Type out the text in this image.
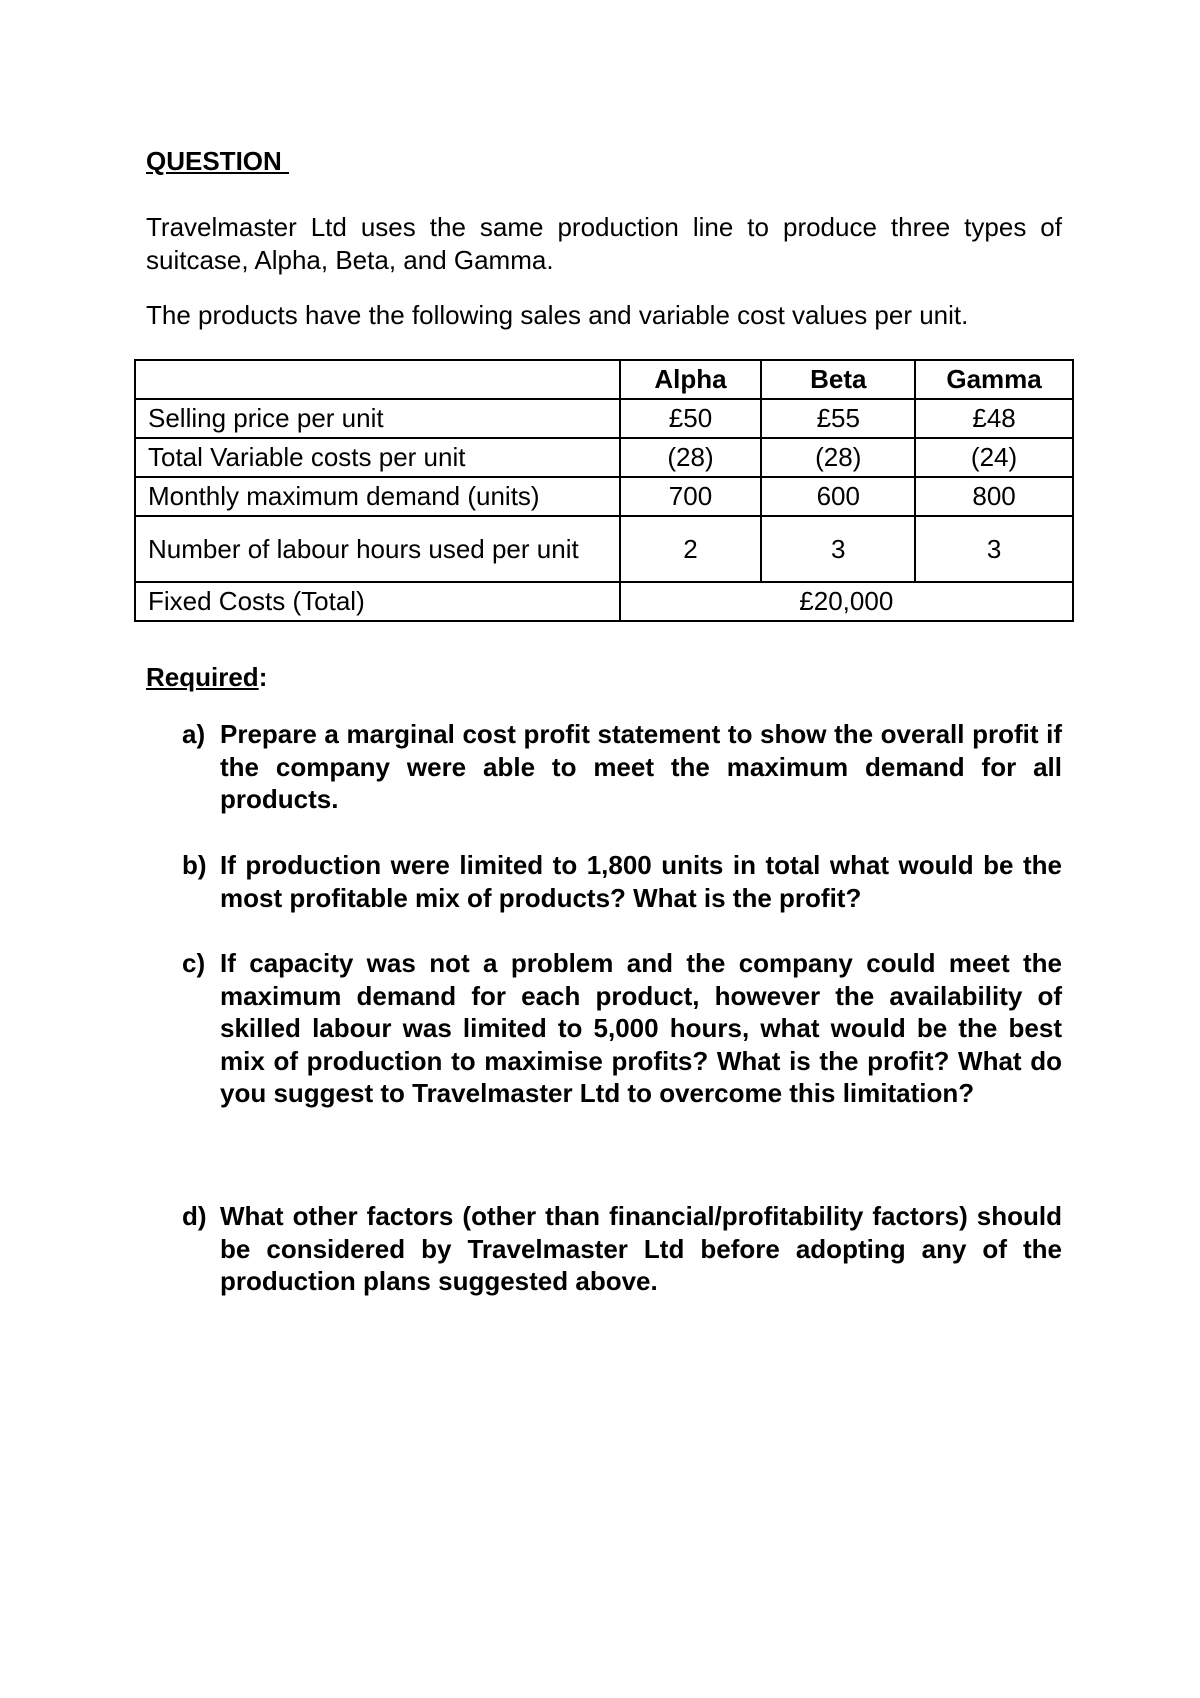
QUESTION

Travelmaster Ltd uses the same production line to produce three types of suitcase, Alpha, Beta, and Gamma.

The products have the following sales and variable cost values per unit.

	Alpha	Beta	Gamma
Selling price per unit	£50	£55	£48
Total Variable costs per unit	(28)	(28)	(24)
Monthly maximum demand (units)	700	600	800
Number of labour hours used per unit	2	3	3
Fixed Costs (Total)	£20,000		
Required:
a) Prepare a marginal cost profit statement to show the overall profit if the company were able to meet the maximum demand for all products.
b) If production were limited to 1,800 units in total what would be the most profitable mix of products? What is the profit?
c) If capacity was not a problem and the company could meet the maximum demand for each product, however the availability of skilled labour was limited to 5,000 hours, what would be the best mix of production to maximise profits? What is the profit? What do you suggest to Travelmaster Ltd to overcome this limitation?
d) What other factors (other than financial/profitability factors) should be considered by Travelmaster Ltd before adopting any of the production plans suggested above.
